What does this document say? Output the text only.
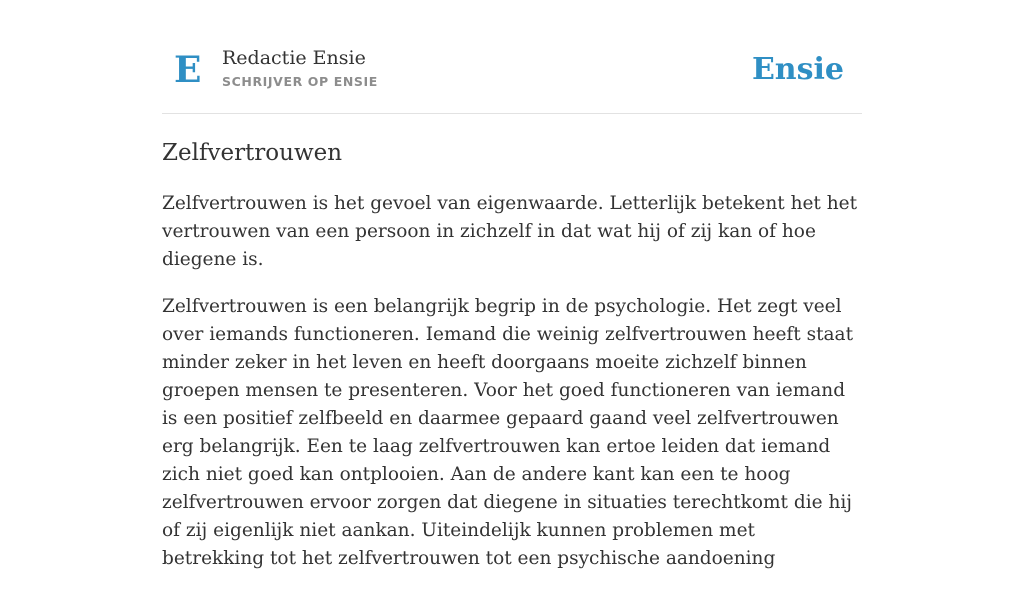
E Redactie Ensie
SCHRIJVER OP ENSIE	Ensie
Zelfvertrouwen

Zelfvertrouwen is het gevoel van eigenwaarde. Letterlijk betekent het het vertrouwen van een persoon in zichzelf in dat wat hij of zij kan of hoe diegene is.

Zelfvertrouwen is een belangrijk begrip in de psychologie. Het zegt veel over iemands functioneren. Iemand die weinig zelfvertrouwen heeft staat minder zeker in het leven en heeft doorgaans moeite zichzelf binnen groepen mensen te presenteren. Voor het goed functioneren van iemand is een positief zelfbeeld en daarmee gepaard gaand veel zelfvertrouwen erg belangrijk. Een te laag zelfvertrouwen kan ertoe leiden dat iemand zich niet goed kan ontplooien. Aan de andere kant kan een te hoog zelfvertrouwen ervoor zorgen dat diegene in situaties terechtkomt die hij of zij eigenlijk niet aankan. Uiteindelijk kunnen problemen met betrekking tot het zelfvertrouwen tot een psychische aandoening
